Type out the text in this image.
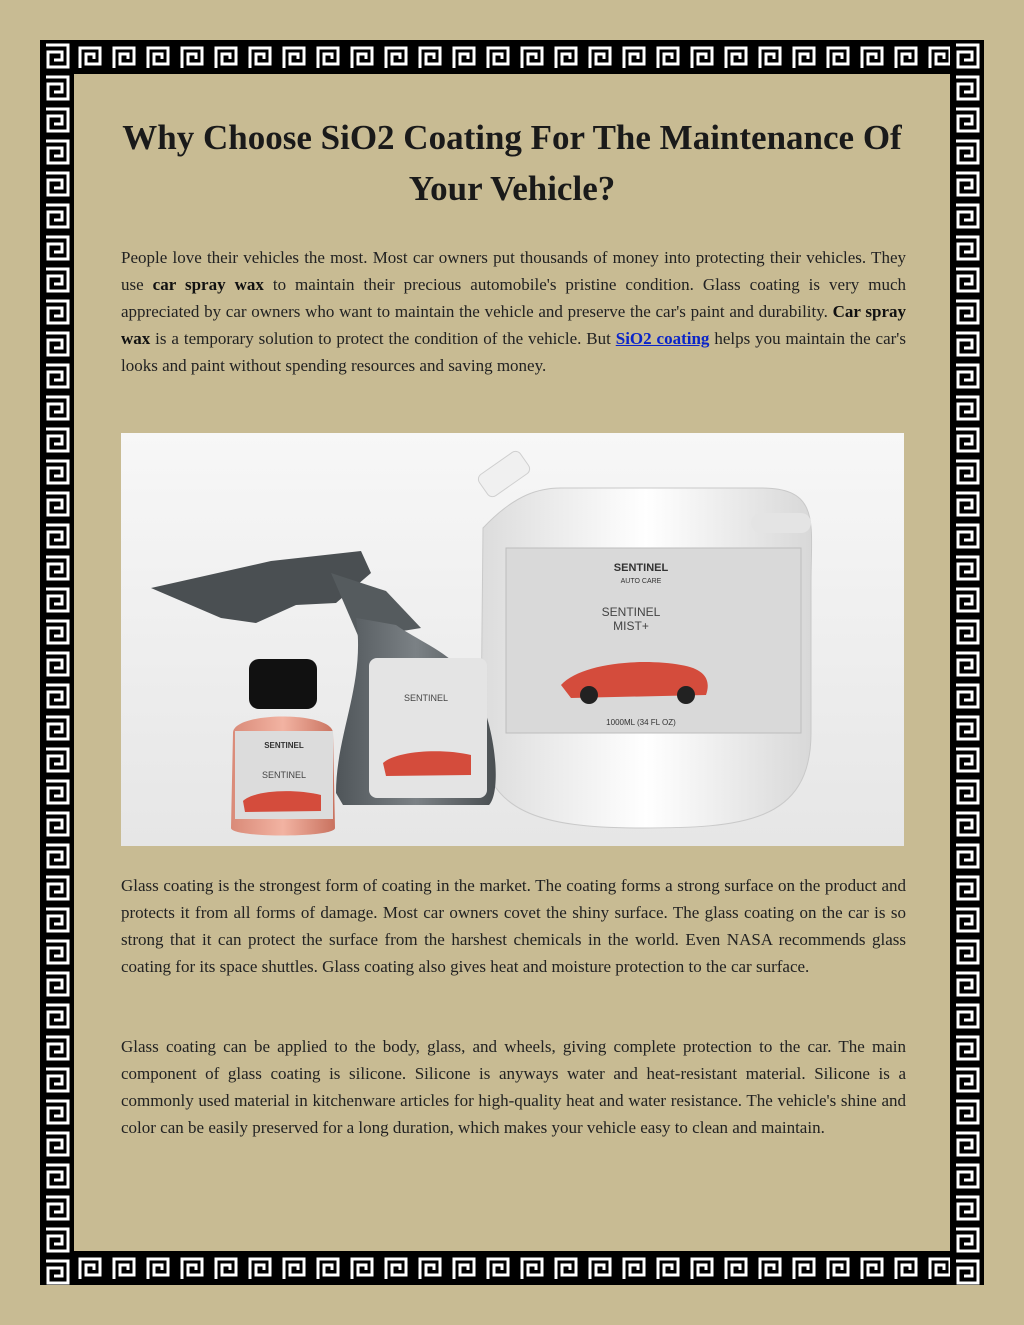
Why Choose SiO2 Coating For The Maintenance Of Your Vehicle?

People love their vehicles the most. Most car owners put thousands of money into protecting their vehicles. They use car spray wax to maintain their precious automobile's pristine condition. Glass coating is very much appreciated by car owners who want to maintain the vehicle and preserve the car's paint and durability. Car spray wax is a temporary solution to protect the condition of the vehicle. But SiO2 coating helps you maintain the car's looks and paint without spending resources and saving money.

SENTINEL
AUTO CARE
SENTINEL
MIST+
1000ML (34 FL OZ)
SENTINEL
SENTINEL
SENTINEL

Glass coating is the strongest form of coating in the market. The coating forms a strong surface on the product and protects it from all forms of damage. Most car owners covet the shiny surface. The glass coating on the car is so strong that it can protect the surface from the harshest chemicals in the world. Even NASA recommends glass coating for its space shuttles. Glass coating also gives heat and moisture protection to the car surface.

Glass coating can be applied to the body, glass, and wheels, giving complete protection to the car. The main component of glass coating is silicone. Silicone is anyways water and heat-resistant material. Silicone is a commonly used material in kitchenware articles for high-quality heat and water resistance. The vehicle's shine and color can be easily preserved for a long duration, which makes your vehicle easy to clean and maintain.
